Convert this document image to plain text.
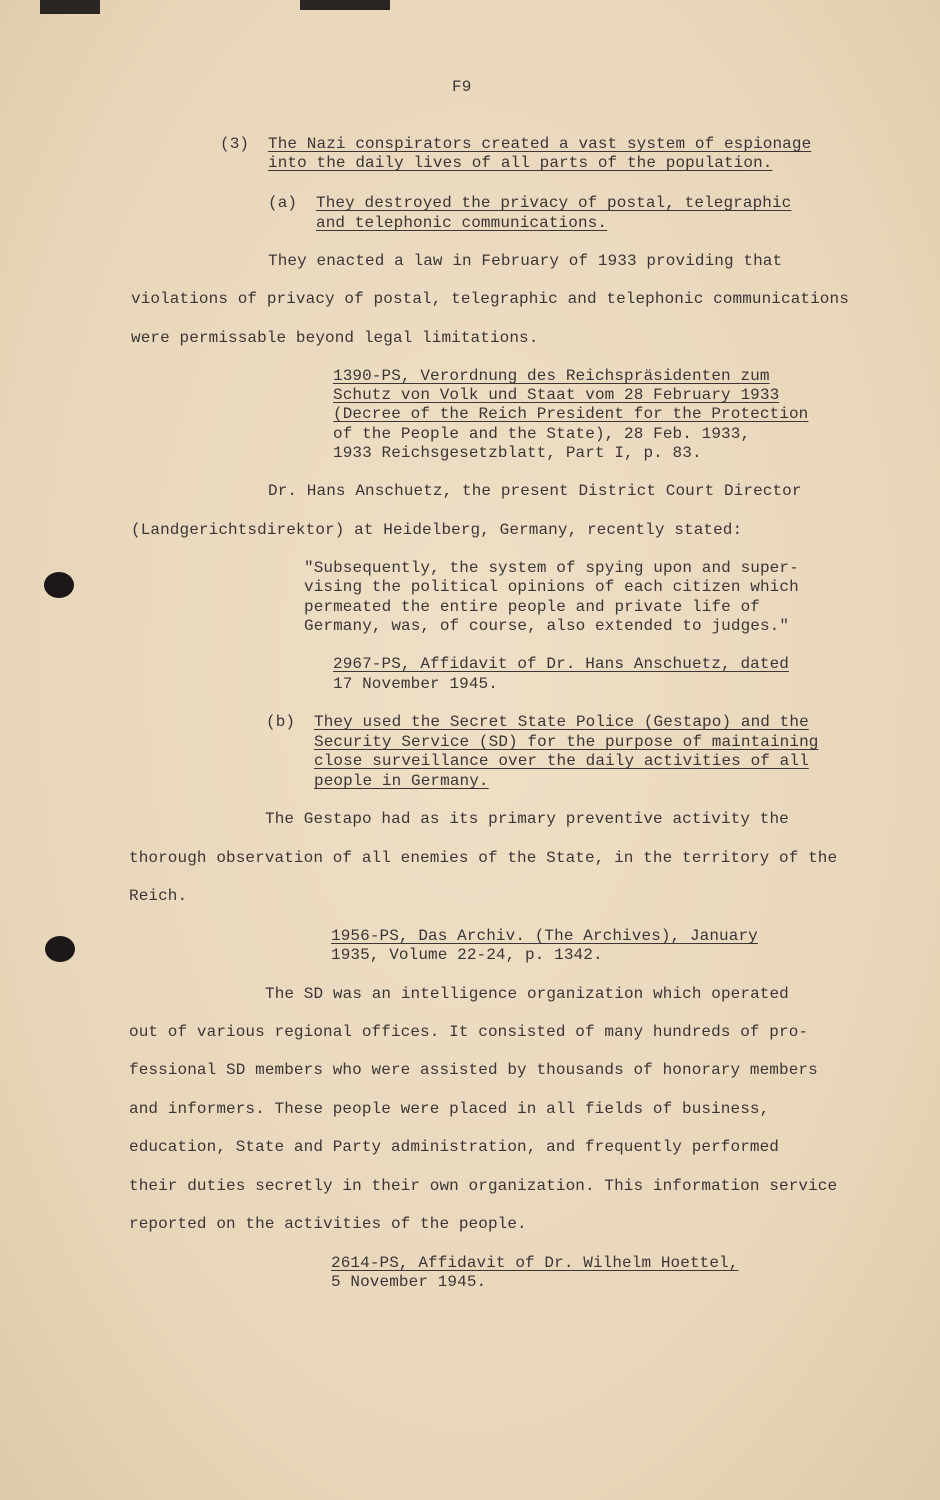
F9
(3) The Nazi conspirators created a vast system of espionage
into the daily lives of all parts of the population.
(a) They destroyed the privacy of postal, telegraphic
and telephonic communications.
They enacted a law in February of 1933 providing that
violations of privacy of postal, telegraphic and telephonic communications
were permissable beyond legal limitations.
1390-PS, Verordnung des Reichspräsidenten zum
Schutz von Volk und Staat vom 28 February 1933
(Decree of the Reich President for the Protection
of the People and the State), 28 Feb. 1933,
1933 Reichsgesetzblatt, Part I, p. 83.
Dr. Hans Anschuetz, the present District Court Director
(Landgerichtsdirektor) at Heidelberg, Germany, recently stated:
"Subsequently, the system of spying upon and super-
vising the political opinions of each citizen which
permeated the entire people and private life of
Germany, was, of course, also extended to judges."
2967-PS, Affidavit of Dr. Hans Anschuetz, dated
17 November 1945.
(b) They used the Secret State Police (Gestapo) and the
Security Service (SD) for the purpose of maintaining
close surveillance over the daily activities of all
people in Germany.
The Gestapo had as its primary preventive activity the
thorough observation of all enemies of the State, in the territory of the
Reich.
1956-PS, Das Archiv. (The Archives), January
1935, Volume 22-24, p. 1342.
The SD was an intelligence organization which operated
out of various regional offices. It consisted of many hundreds of pro-
fessional SD members who were assisted by thousands of honorary members
and informers. These people were placed in all fields of business,
education, State and Party administration, and frequently performed
their duties secretly in their own organization. This information service
reported on the activities of the people.
2614-PS, Affidavit of Dr. Wilhelm Hoettel,
5 November 1945.
